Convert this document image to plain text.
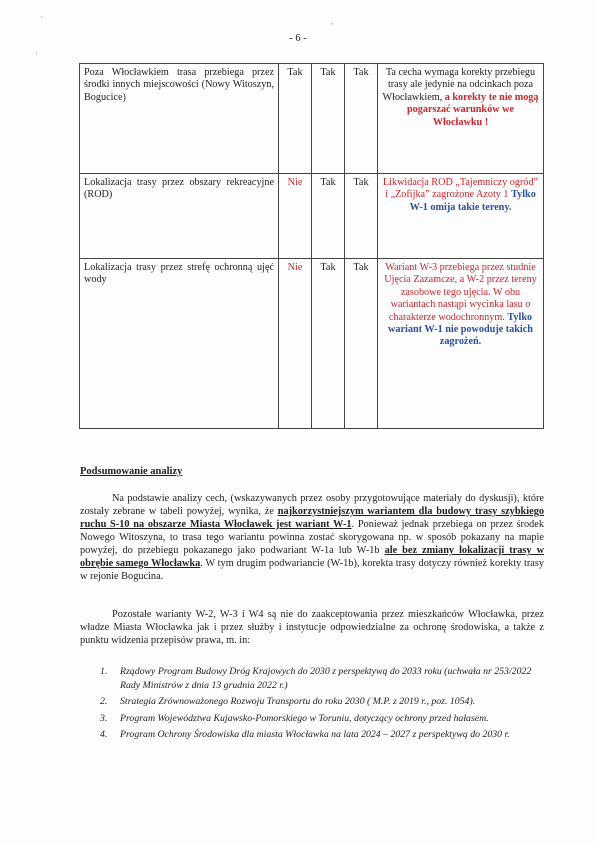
·	,
·
- 6 -
Poza Włocławkiem trasa przebiega przez środki innych miejscowości (Nowy Witoszyn, Bogucice)	Tak	Tak	Tak	Ta cecha wymaga korekty przebiegu trasy ale jedynie na odcinkach poza Włocławkiem, a korekty te nie mogą pogarszać warunków we Włocławku !
Lokalizacja trasy przez obszary rekreacyjne (ROD)	Nie	Tak	Tak	Likwidacja ROD „Tajemniczy ogród” i „Zofijka” zagrożone Azoty 1 Tylko W-1 omija takie tereny.
Lokalizacja trasy przez strefę ochronną ujęć wody	Nie	Tak	Tak	Wariant W-3 przebiega przez studnie Ujęcia Zazamcze, a W-2 przez tereny zasobowe tego ujęcia. W obu wariantach nastąpi wycinka lasu o charakterze wodochronnym. Tylko wariant W-1 nie powoduje takich zagrożeń.
Podsumowanie analizy
Na podstawie analizy cech, (wskazywanych przez osoby przygotowujące materiały do dyskusji), które zostały zebrane w tabeli powyżej, wynika, że najkorzystniejszym wariantem dla budowy trasy szybkiego ruchu S-10 na obszarze Miasta Włocławek jest wariant W-1. Ponieważ jednak przebiega on przez środek Nowego Witoszyna, to trasa tego wariantu powinna zostać skorygowana np. w sposób pokazany na mapie powyżej, do przebiegu pokazanego jako podwariant W-1a lub W-1b ale bez zmiany lokalizacji trasy w obrębie samego Włocławka. W tym drugim podwariancie (W-1b), korekta trasy dotyczy również korekty trasy w rejonie Bogucina.
Pozostałe warianty W-2, W-3 i W4 są nie do zaakceptowania przez mieszkańców Włocławka, przez władze Miasta Włocławka jak i przez służby i instytucje odpowiedzialne za ochronę środowiska, a także z punktu widzenia przepisów prawa, m. in:
1. Rządowy Program Budowy Dróg Krajowych do 2030 z perspektywą do 2033 roku (uchwała nr 253/2022 Rady Ministrów z dnia 13 grudnia 2022 r.)
2. Strategia Zrównoważonego Rozwoju Transportu do roku 2030 ( M.P. z 2019 r., poz. 1054).
3. Program Województwa Kujawsko-Pomorskiego w Toruniu, dotyczący ochrony przed hałasem.
4. Program Ochrony Środowiska dla miasta Włocławka na lata 2024 – 2027 z perspektywą do 2030 r.
